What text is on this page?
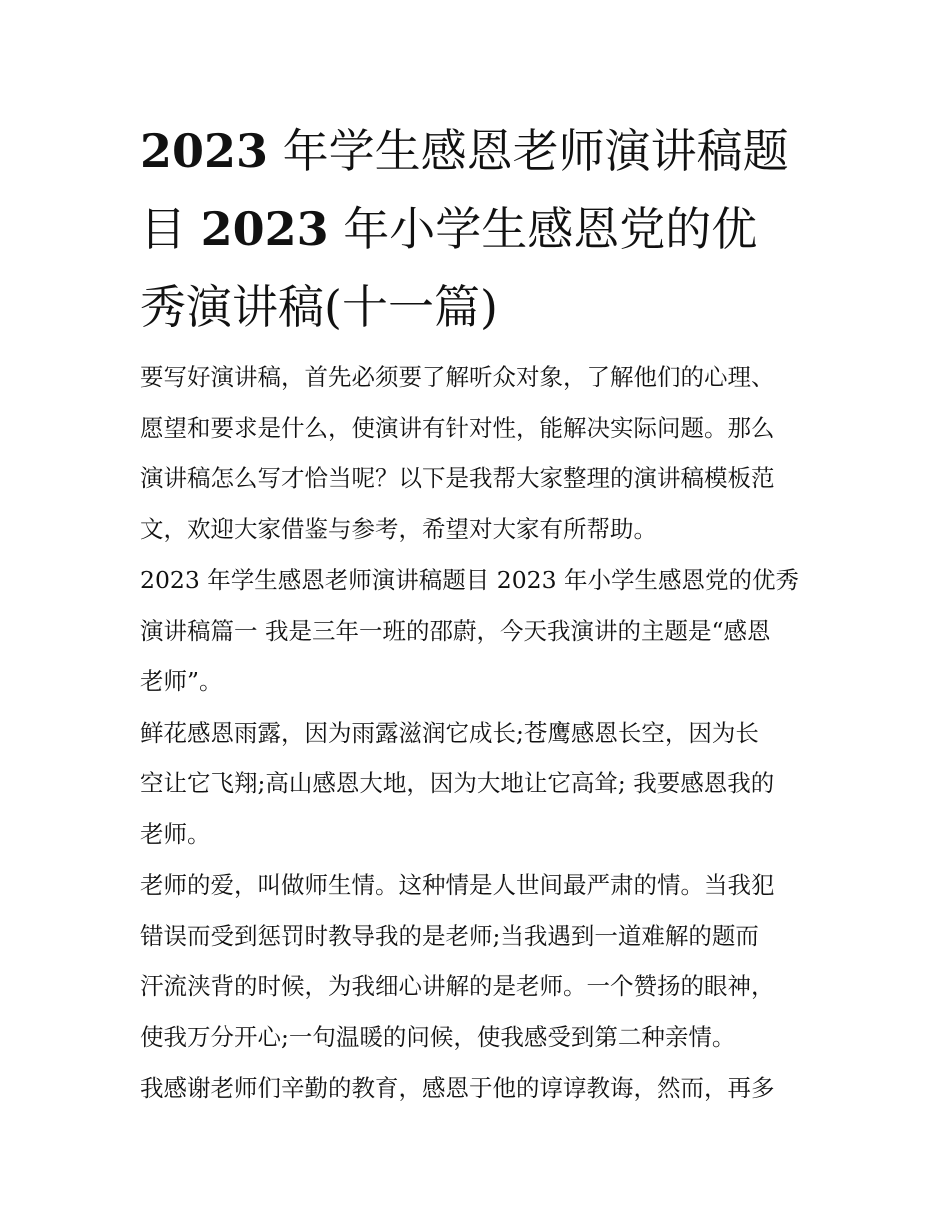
2023 年学生感恩老师演讲稿题
目 2023 年小学生感恩党的优
秀演讲稿(十一篇)

要写好演讲稿，首先必须要了解听众对象，了解他们的心理、
愿望和要求是什么，使演讲有针对性，能解决实际问题。那么
演讲稿怎么写才恰当呢？以下是我帮大家整理的演讲稿模板范
文，欢迎大家借鉴与参考，希望对大家有所帮助。

2023 年学生感恩老师演讲稿题目 2023 年小学生感恩党的优秀
演讲稿篇一 我是三年一班的邵蔚，今天我演讲的主题是“感恩
老师”。

鲜花感恩雨露，因为雨露滋润它成长;苍鹰感恩长空，因为长
空让它飞翔;高山感恩大地，因为大地让它高耸; 我要感恩我的
老师。

老师的爱，叫做师生情。这种情是人世间最严肃的情。当我犯
错误而受到惩罚时教导我的是老师;当我遇到一道难解的题而
汗流浃背的时候，为我细心讲解的是老师。一个赞扬的眼神，
使我万分开心;一句温暖的问候，使我感受到第二种亲情。

我感谢老师们辛勤的教育，感恩于他的谆谆教诲，然而，再多
